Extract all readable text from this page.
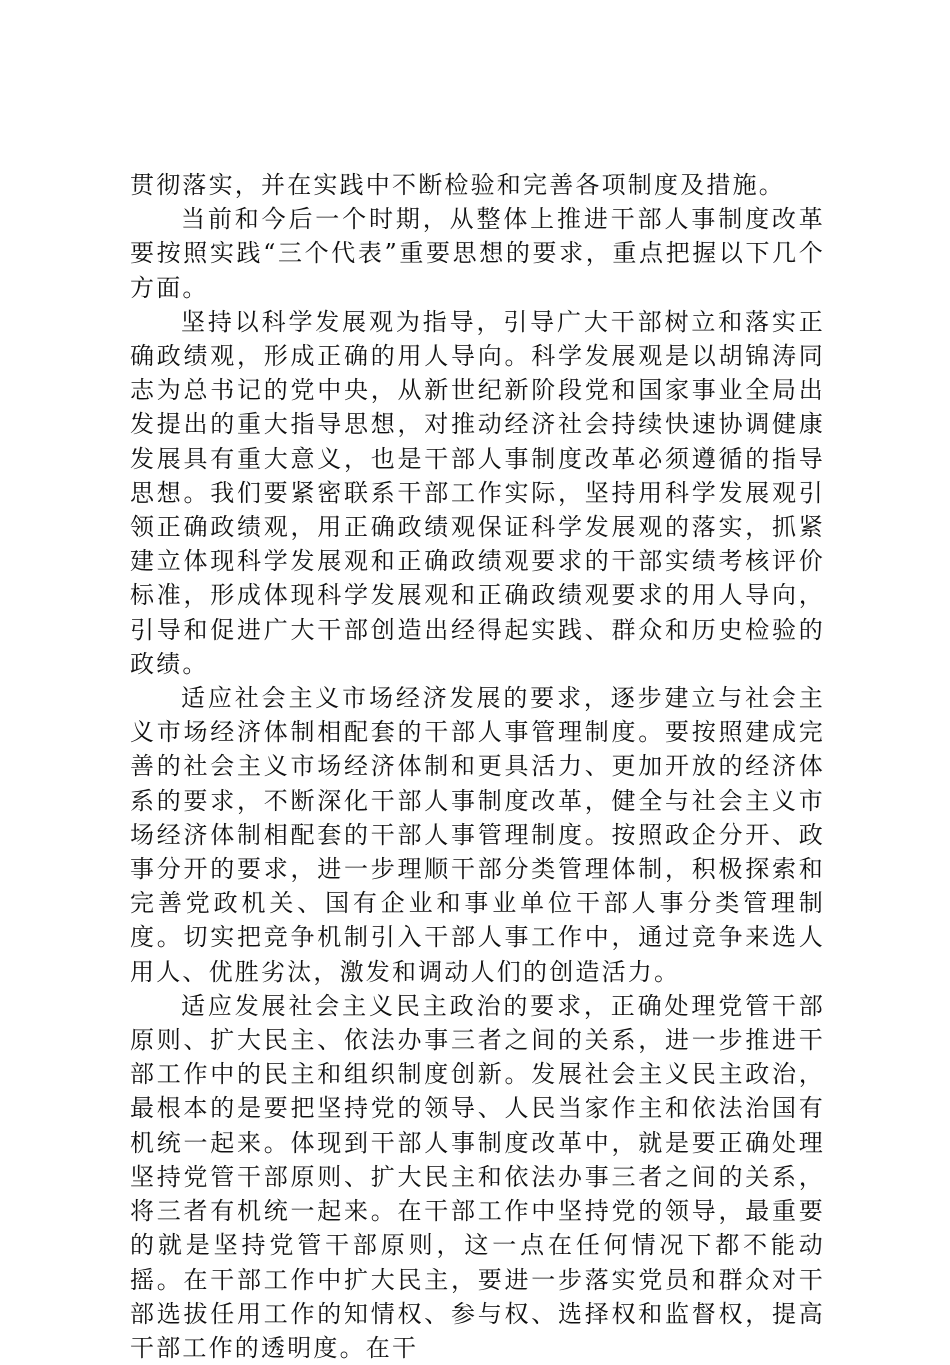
贯彻落实，并在实践中不断检验和完善各项制度及措施。

当前和今后一个时期，从整体上推进干部人事制度改革要按照实践“三个代表”重要思想的要求，重点把握以下几个方面。

坚持以科学发展观为指导，引导广大干部树立和落实正确政绩观，形成正确的用人导向。科学发展观是以胡锦涛同志为总书记的党中央，从新世纪新阶段党和国家事业全局出发提出的重大指导思想，对推动经济社会持续快速协调健康发展具有重大意义，也是干部人事制度改革必须遵循的指导思想。我们要紧密联系干部工作实际，坚持用科学发展观引领正确政绩观，用正确政绩观保证科学发展观的落实，抓紧建立体现科学发展观和正确政绩观要求的干部实绩考核评价标准，形成体现科学发展观和正确政绩观要求的用人导向，引导和促进广大干部创造出经得起实践、群众和历史检验的政绩。

适应社会主义市场经济发展的要求，逐步建立与社会主义市场经济体制相配套的干部人事管理制度。要按照建成完善的社会主义市场经济体制和更具活力、更加开放的经济体系的要求，不断深化干部人事制度改革，健全与社会主义市场经济体制相配套的干部人事管理制度。按照政企分开、政事分开的要求，进一步理顺干部分类管理体制，积极探索和完善党政机关、国有企业和事业单位干部人事分类管理制度。切实把竞争机制引入干部人事工作中，通过竞争来选人用人、优胜劣汰，激发和调动人们的创造活力。

适应发展社会主义民主政治的要求，正确处理党管干部原则、扩大民主、依法办事三者之间的关系，进一步推进干部工作中的民主和组织制度创新。发展社会主义民主政治，最根本的是要把坚持党的领导、人民当家作主和依法治国有机统一起来。体现到干部人事制度改革中，就是要正确处理坚持党管干部原则、扩大民主和依法办事三者之间的关系，将三者有机统一起来。在干部工作中坚持党的领导，最重要的就是坚持党管干部原则，这一点在任何情况下都不能动摇。在干部工作中扩大民主，要进一步落实党员和群众对干部选拔任用工作的知情权、参与权、选择权和监督权，提高干部工作的透明度。在干
